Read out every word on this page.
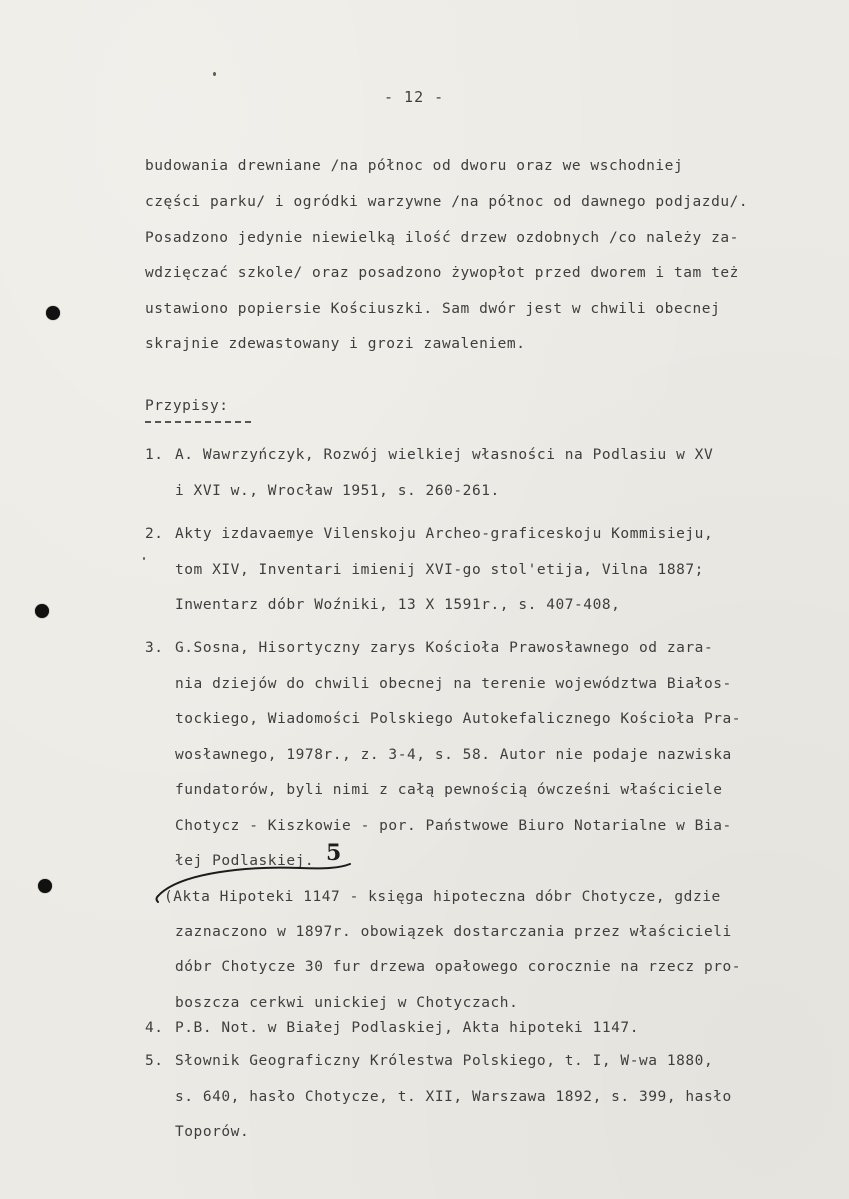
- 12 -

budowania drewniane /na północ od dworu oraz we wschodniej

części parku/ i ogródki warzywne /na północ od dawnego podjazdu/.

Posadzono jedynie niewielką ilość drzew ozdobnych /co należy za-

wdzięczać szkole/ oraz posadzono żywopłot przed dworem i tam też

ustawiono popiersie Kościuszki. Sam dwór jest w chwili obecnej

skrajnie zdewastowany i grozi zawaleniem.

Przypisy:

1. A. Wawrzyńczyk, Rozwój wielkiej własności na Podlasiu w XV

i XVI w., Wrocław 1951, s. 260-261.

2. Akty izdavaemye Vilenskoju Archeo-graficeskoju Kommisieju,

tom XIV, Inventari imienij XVI-go stol'etija, Vilna 1887;

Inwentarz dóbr Woźniki, 13 X 1591r., s. 407-408,

3. G.Sosna, Hisortyczny zarys Kościoła Prawosławnego od zara-

nia dziejów do chwili obecnej na terenie województwa Białos-

tockiego, Wiadomości Polskiego Autokefalicznego Kościoła Pra-

wosławnego, 1978r., z. 3-4, s. 58. Autor nie podaje nazwiska

fundatorów, byli nimi z całą pewnością ówcześni właściciele

Chotycz - Kiszkowie - por. Państwowe Biuro Notarialne w Bia-

łej Podlaskiej.

(Akta Hipoteki 1147 - księga hipoteczna dóbr Chotycze, gdzie

zaznaczono w 1897r. obowiązek dostarczania przez właścicieli

dóbr Chotycze 30 fur drzewa opałowego corocznie na rzecz pro-

boszcza cerkwi unickiej w Chotyczach.

5

4. P.B. Not. w Białej Podlaskiej, Akta hipoteki 1147.

5. Słownik Geograficzny Królestwa Polskiego, t. I, W-wa 1880,

s. 640, hasło Chotycze, t. XII, Warszawa 1892, s. 399, hasło

Toporów.
